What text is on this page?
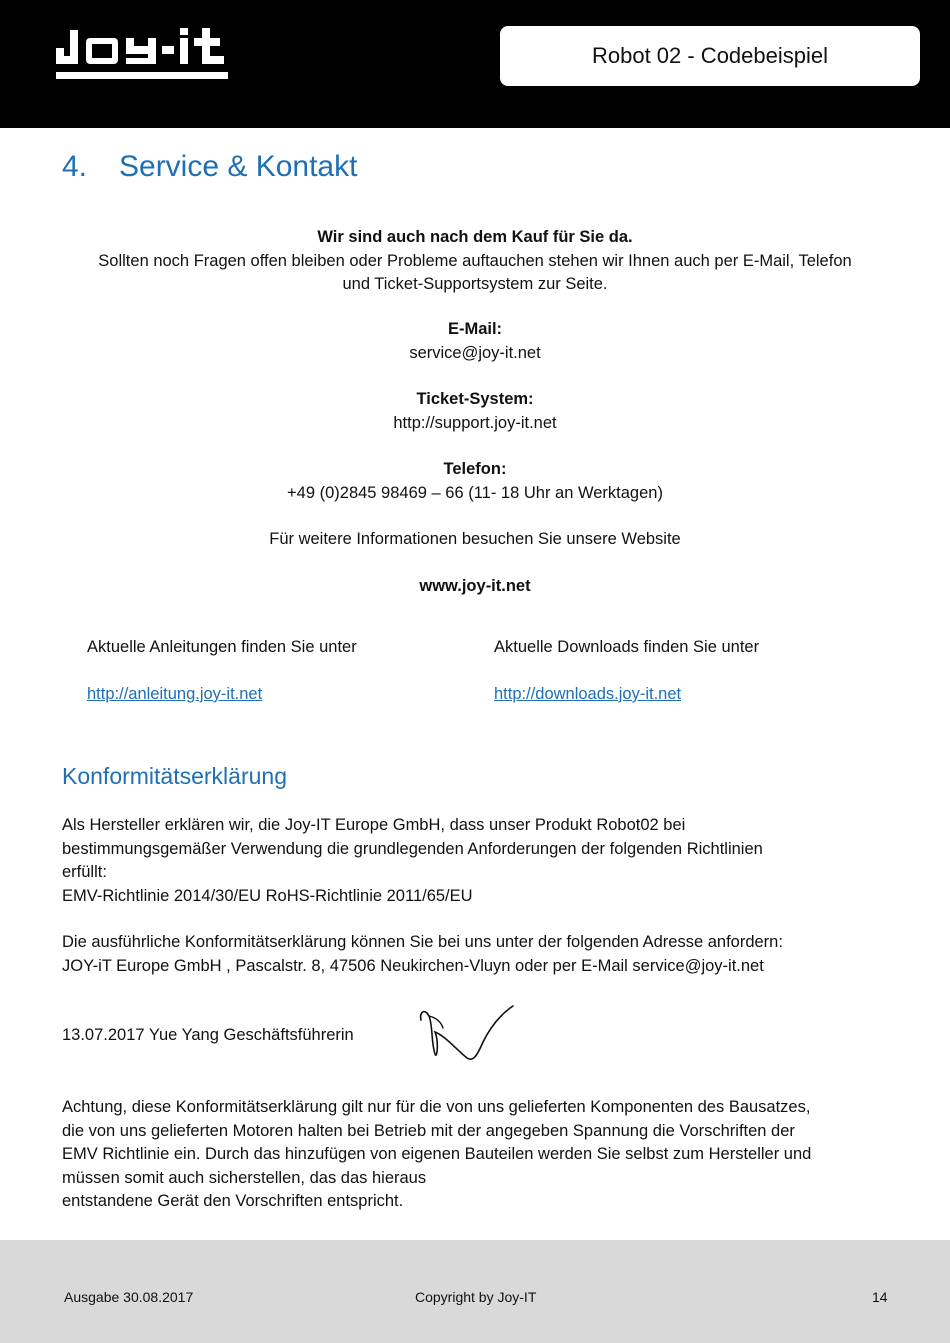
Robot 02 - Codebeispiel
4.	Service & Kontakt
Wir sind auch nach dem Kauf für Sie da.
Sollten noch Fragen offen bleiben oder Probleme auftauchen stehen wir Ihnen auch per E-Mail, Telefon
und Ticket-Supportsystem zur Seite.
E-Mail:
service@joy-it.net
Ticket-System:
http://support.joy-it.net
Telefon:
+49 (0)2845 98469 – 66 (11- 18 Uhr an Werktagen)
Für weitere Informationen besuchen Sie unsere Website
www.joy-it.net
Aktuelle Anleitungen finden Sie unter
http://anleitung.joy-it.net
Aktuelle Downloads finden Sie unter
http://downloads.joy-it.net
Konformitätserklärung
Als Hersteller erklären wir, die Joy-IT Europe GmbH, dass unser Produkt Robot02 bei
bestimmungsgemäßer Verwendung die grundlegenden Anforderungen der folgenden Richtlinien
erfüllt:
EMV-Richtlinie 2014/30/EU RoHS-Richtlinie 2011/65/EU
Die ausführliche Konformitätserklärung können Sie bei uns unter der folgenden Adresse anfordern:
JOY-iT Europe GmbH , Pascalstr. 8, 47506 Neukirchen-Vluyn oder per E-Mail service@joy-it.net
13.07.2017 Yue Yang Geschäftsführerin
Achtung, diese Konformitätserklärung gilt nur für die von uns gelieferten Komponenten des Bausatzes,
die von uns gelieferten Motoren halten bei Betrieb mit der angegeben Spannung die Vorschriften der
EMV Richtlinie ein. Durch das hinzufügen von eigenen Bauteilen werden Sie selbst zum Hersteller und
müssen somit auch sicherstellen, das das hieraus
entstandene Gerät den Vorschriften entspricht.
Ausgabe 30.08.2017	Copyright by Joy-IT	14
